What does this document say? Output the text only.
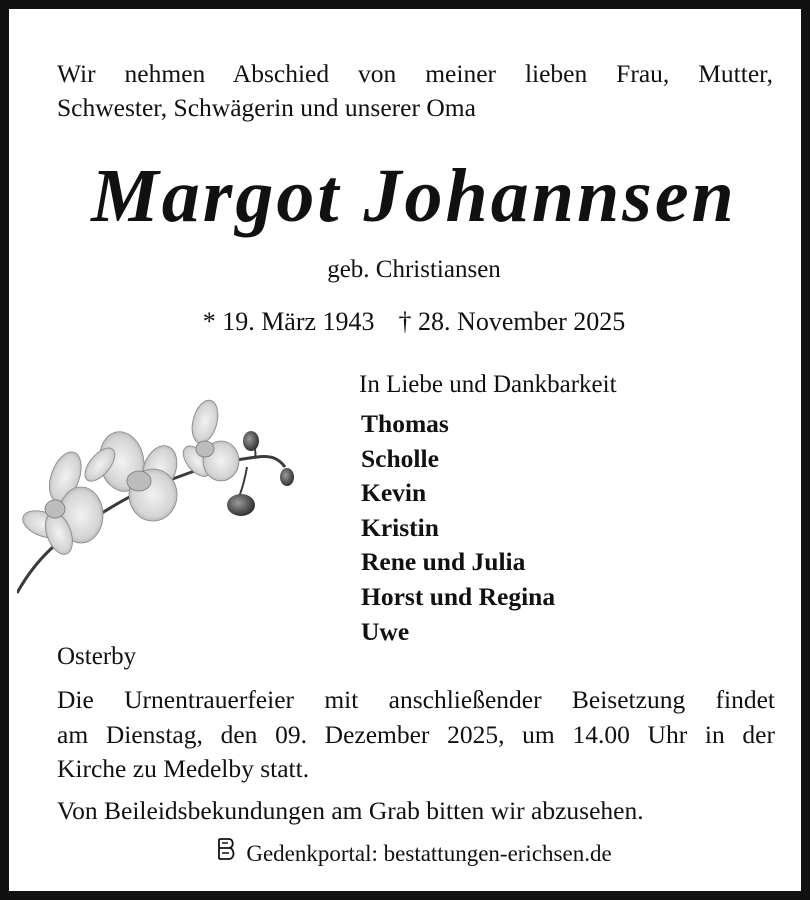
Wir nehmen Abschied von meiner lieben Frau, Mutter,
Schwester, Schwägerin und unserer Oma
Margot Johannsen
geb. Christiansen
* 19. März 1943 † 28. November 2025
In Liebe und Dankbarkeit
Thomas
Scholle
Kevin
Kristin
Rene und Julia
Horst und Regina
Uwe
Osterby
Die Urnentrauerfeier mit anschließender Beisetzung findet
am Dienstag, den 09. Dezember 2025, um 14.00 Uhr in der
Kirche zu Medelby statt.
Von Beileidsbekundungen am Grab bitten wir abzusehen.
Gedenkportal: bestattungen-erichsen.de
